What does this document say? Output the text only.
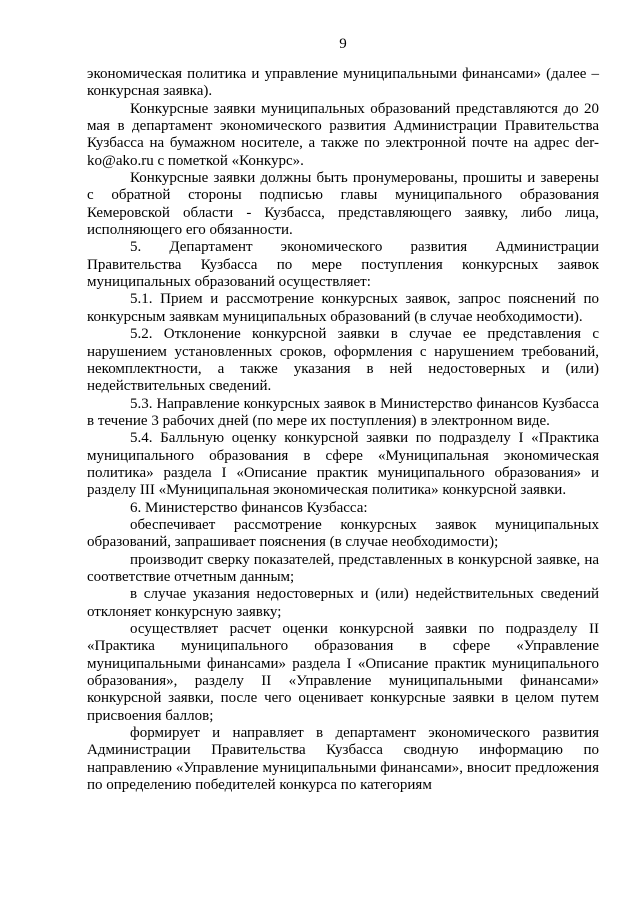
9

экономическая политика и управление муниципальными финансами» (далее – конкурсная заявка).

Конкурсные заявки муниципальных образований представляются до 20 мая в департамент экономического развития Администрации Правительства Кузбасса на бумажном носителе, а также по электронной почте на адрес der-ko@ako.ru с пометкой «Конкурс».

Конкурсные заявки должны быть пронумерованы, прошиты и заверены с обратной стороны подписью главы муниципального образования Кемеровской области - Кузбасса, представляющего заявку, либо лица, исполняющего его обязанности.

5. Департамент экономического развития Администрации Правительства Кузбасса по мере поступления конкурсных заявок муниципальных образований осуществляет:

5.1. Прием и рассмотрение конкурсных заявок, запрос пояснений по конкурсным заявкам муниципальных образований (в случае необходимости).

5.2. Отклонение конкурсной заявки в случае ее представления с нарушением установленных сроков, оформления с нарушением требований, некомплектности, а также указания в ней недостоверных и (или) недействительных сведений.

5.3. Направление конкурсных заявок в Министерство финансов Кузбасса в течение 3 рабочих дней (по мере их поступления) в электронном виде.

5.4. Балльную оценку конкурсной заявки по подразделу I «Практика муниципального образования в сфере «Муниципальная экономическая политика» раздела I «Описание практик муниципального образования» и разделу III «Муниципальная экономическая политика» конкурсной заявки.

6. Министерство финансов Кузбасса:

обеспечивает рассмотрение конкурсных заявок муниципальных образований, запрашивает пояснения (в случае необходимости);

производит сверку показателей, представленных в конкурсной заявке, на соответствие отчетным данным;

в случае указания недостоверных и (или) недействительных сведений отклоняет конкурсную заявку;

осуществляет расчет оценки конкурсной заявки по подразделу II «Практика муниципального образования в сфере «Управление муниципальными финансами» раздела I «Описание практик муниципального образования», разделу II «Управление муниципальными финансами» конкурсной заявки, после чего оценивает конкурсные заявки в целом путем присвоения баллов;

формирует и направляет в департамент экономического развития Администрации Правительства Кузбасса сводную информацию по направлению «Управление муниципальными финансами», вносит предложения по определению победителей конкурса по категориям
